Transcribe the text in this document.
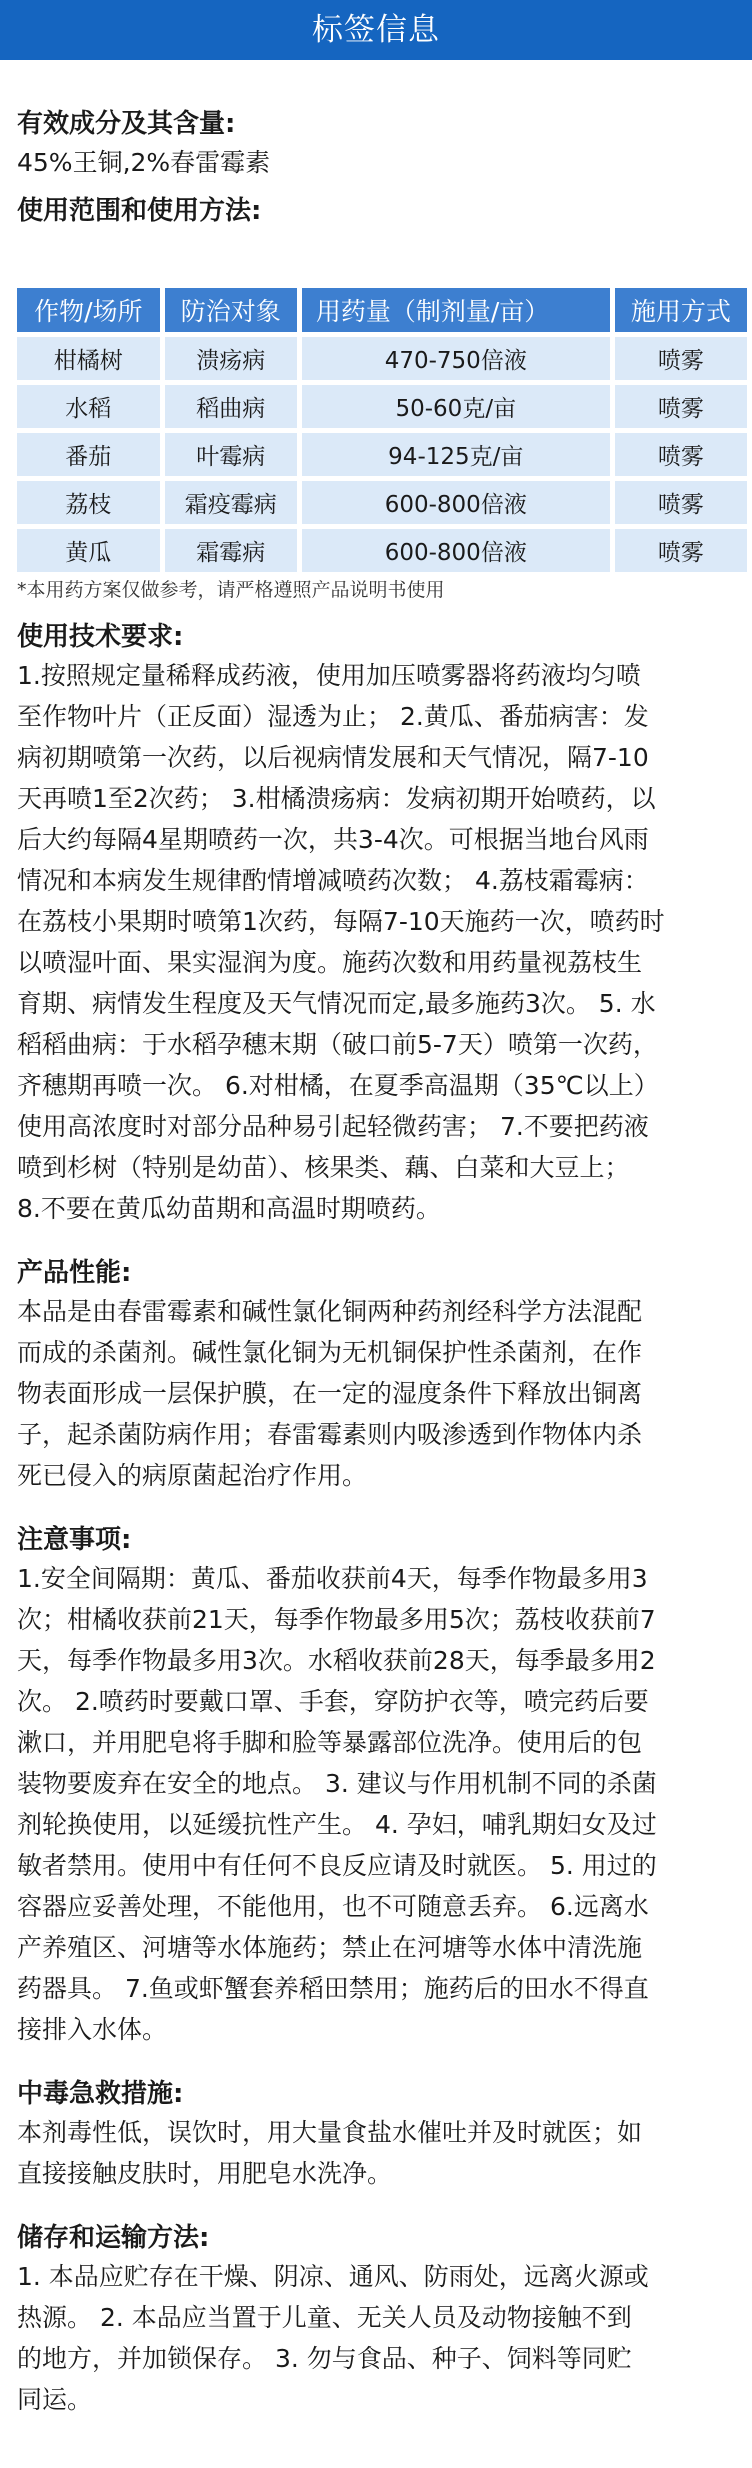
标签信息
有效成分及其含量:
45%王铜,2%春雷霉素
使用范围和使用方法:
作物/场所	防治对象	用药量（制剂量/亩）	施用方式
柑橘树	溃疡病	470-750倍液	喷雾
水稻	稻曲病	50-60克/亩	喷雾
番茄	叶霉病	94-125克/亩	喷雾
荔枝	霜疫霉病	600-800倍液	喷雾
黄瓜	霜霉病	600-800倍液	喷雾
*本用药方案仅做参考，请严格遵照产品说明书使用
使用技术要求:
1.按照规定量稀释成药液，使用加压喷雾器将药液均匀喷
至作物叶片（正反面）湿透为止； 2.黄瓜、番茄病害：发
病初期喷第一次药，以后视病情发展和天气情况，隔7-10
天再喷1至2次药； 3.柑橘溃疡病：发病初期开始喷药，以
后大约每隔4星期喷药一次，共3-4次。可根据当地台风雨
情况和本病发生规律酌情增减喷药次数； 4.荔枝霜霉病：
在荔枝小果期时喷第1次药，每隔7-10天施药一次，喷药时
以喷湿叶面、果实湿润为度。施药次数和用药量视荔枝生
育期、病情发生程度及天气情况而定,最多施药3次。 5. 水
稻稻曲病：于水稻孕穗末期（破口前5-7天）喷第一次药，
齐穗期再喷一次。 6.对柑橘，在夏季高温期（35℃以上）
使用高浓度时对部分品种易引起轻微药害； 7.不要把药液
喷到杉树（特别是幼苗）、核果类、藕、白菜和大豆上；
8.不要在黄瓜幼苗期和高温时期喷药。
产品性能:
本品是由春雷霉素和碱性氯化铜两种药剂经科学方法混配
而成的杀菌剂。碱性氯化铜为无机铜保护性杀菌剂，在作
物表面形成一层保护膜，在一定的湿度条件下释放出铜离
子，起杀菌防病作用；春雷霉素则内吸渗透到作物体内杀
死已侵入的病原菌起治疗作用。
注意事项:
1.安全间隔期：黄瓜、番茄收获前4天，每季作物最多用3
次；柑橘收获前21天，每季作物最多用5次；荔枝收获前7
天，每季作物最多用3次。水稻收获前28天，每季最多用2
次。 2.喷药时要戴口罩、手套，穿防护衣等，喷完药后要
漱口，并用肥皂将手脚和脸等暴露部位洗净。使用后的包
装物要废弃在安全的地点。 3. 建议与作用机制不同的杀菌
剂轮换使用，以延缓抗性产生。 4. 孕妇，哺乳期妇女及过
敏者禁用。使用中有任何不良反应请及时就医。 5. 用过的
容器应妥善处理，不能他用，也不可随意丢弃。 6.远离水
产养殖区、河塘等水体施药；禁止在河塘等水体中清洗施
药器具。 7.鱼或虾蟹套养稻田禁用；施药后的田水不得直
接排入水体。
中毒急救措施:
本剂毒性低，误饮时，用大量食盐水催吐并及时就医；如
直接接触皮肤时，用肥皂水洗净。
储存和运输方法:
1. 本品应贮存在干燥、阴凉、通风、防雨处，远离火源或
热源。 2. 本品应当置于儿童、无关人员及动物接触不到
的地方，并加锁保存。 3. 勿与食品、种子、饲料等同贮
同运。
